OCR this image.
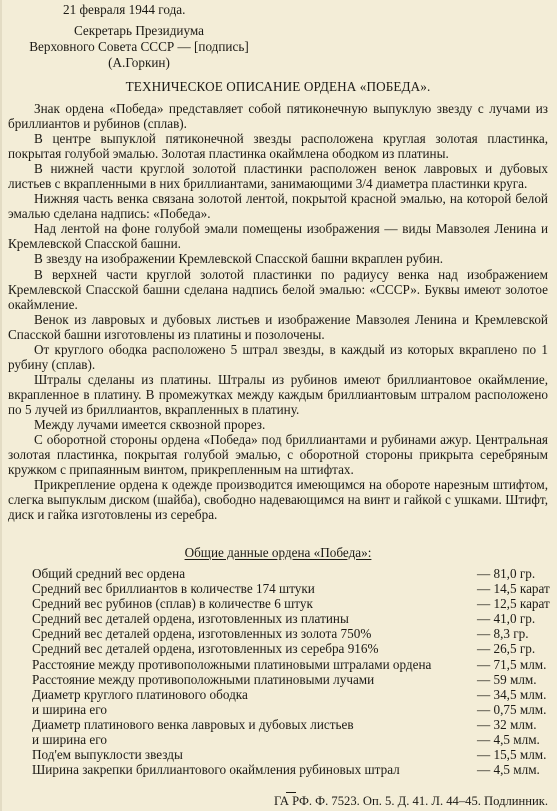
21 февраля 1944 года.
Секретарь Президиума
Верховного Совета СССР — [подпись]
(А.Горкин)
ТЕХНИЧЕСКОЕ ОПИСАНИЕ ОРДЕНА «ПОБЕДА».

Знак ордена «Победа» представляет собой пятиконечную выпуклую звезду с лучами из бриллиантов и рубинов (сплав).

В центре выпуклой пятиконечной звезды расположена круглая золотая пластинка, покрытая голубой эмалью. Золотая пластинка окаймлена ободком из платины.

В нижней части круглой золотой пластинки расположен венок лавровых и дубовых листьев с вкрапленными в них бриллиантами, занимающими 3/4 диаметра пластинки круга.

Нижняя часть венка связана золотой лентой, покрытой красной эмалью, на которой белой эмалью сделана надпись: «Победа».

Над лентой на фоне голубой эмали помещены изображения — виды Мавзолея Ленина и Кремлевской Спасской башни.

В звезду на изображении Кремлевской Спасской башни вкраплен рубин.

В верхней части круглой золотой пластинки по радиусу венка над изображением Кремлевской Спасской башни сделана надпись белой эмалью: «СССР». Буквы имеют золотое окаймление.

Венок из лавровых и дубовых листьев и изображение Мавзолея Ленина и Кремлевской Спасской башни изготовлены из платины и позолочены.

От круглого ободка расположено 5 штрал звезды, в каждый из которых вкраплено по 1 рубину (сплав).

Штралы сделаны из платины. Штралы из рубинов имеют бриллиантовое окаймление, вкрапленное в платину. В промежутках между каждым бриллиантовым штралом расположено по 5 лучей из бриллиантов, вкрапленных в платину.

Между лучами имеется сквозной прорез.

С оборотной стороны ордена «Победа» под бриллиантами и рубинами ажур. Центральная золотая пластинка, покрытая голубой эмалью, с оборотной стороны прикрыта серебряным кружком с припаянным винтом, прикрепленным на штифтах.

Прикрепление ордена к одежде производится имеющимся на обороте нарезным штифтом, слегка выпуклым диском (шайба), свободно надевающимся на винт и гайкой с ушками. Штифт, диск и гайка изготовлены из серебра.

Общие данные ордена «Победа»:
Общий средний вес ордена	— 81,0 гр.
Средний вес бриллиантов в количестве 174 штуки	— 14,5 карат
Средний вес рубинов (сплав) в количестве 6 штук	— 12,5 карат
Средний вес деталей ордена, изготовленных из платины	— 41,0 гр.
Средний вес деталей ордена, изготовленных из золота 750%	— 8,3 гр.
Средний вес деталей ордена, изготовленных из серебра 916%	— 26,5 гр.
Расстояние между противоположными платиновыми штралами ордена	— 71,5 млм.
Расстояние между противоположными платиновыми лучами	— 59 млм.
Диаметр круглого платинового ободка	— 34,5 млм.
и ширина его	— 0,75 млм.
Диаметр платинового венка лавровых и дубовых листьев	— 32 млм.
и ширина его	— 4,5 млм.
Под'ем выпуклости звезды	— 15,5 млм.
Ширина закрепки бриллиантового окаймления рубиновых штрал	— 4,5 млм.
ГА РФ. Ф. 7523. Оп. 5. Д. 41. Л. 44–45. Подлинник.
